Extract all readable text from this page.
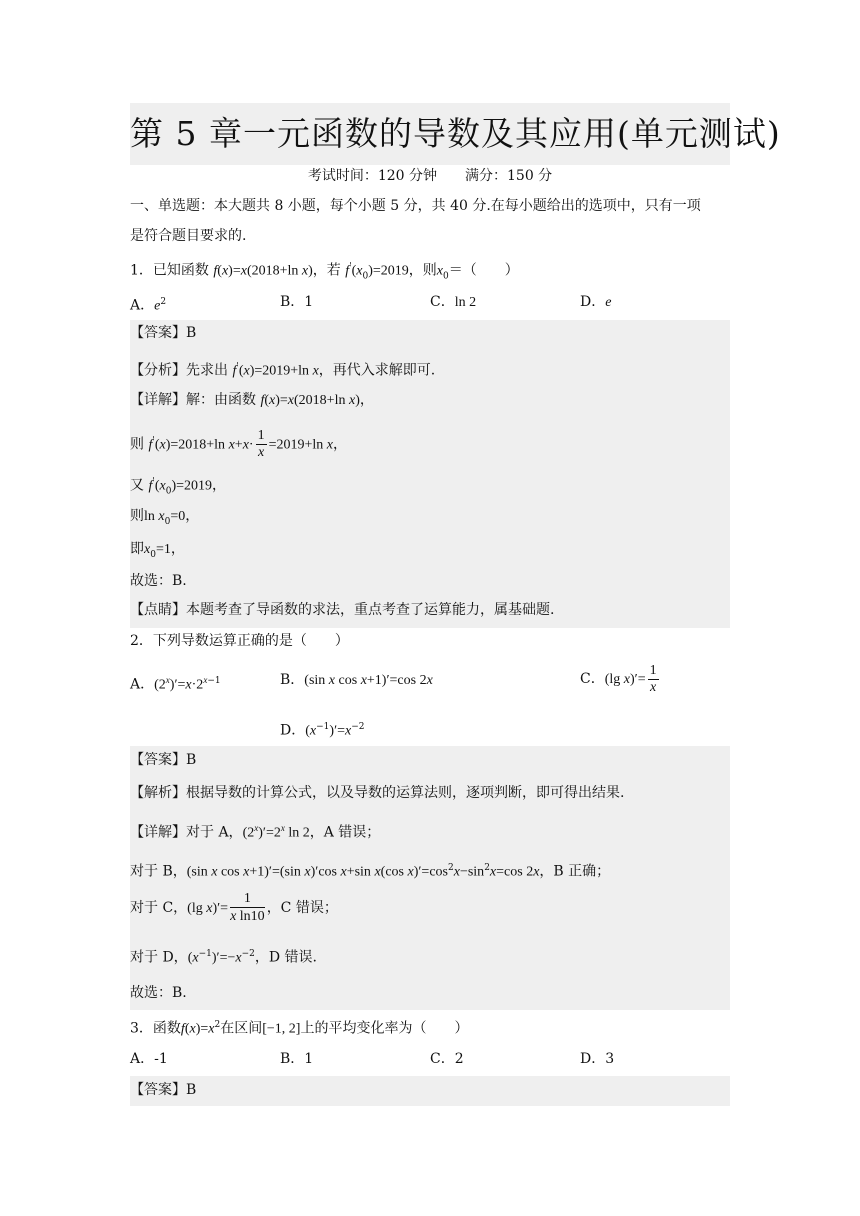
第 5 章一元函数的导数及其应用(单元测试)
考试时间：120 分钟　　满分：150 分
一、单选题：本大题共 8 小题，每个小题 5 分，共 40 分.在每小题给出的选项中，只有一项
是符合题目要求的.
1．已知函数 f(x)=x(2018+ln x)，若 $f'(x_0)=2019$，则$x_0=$（　　）
A．$e^2$	B．1	C．ln 2	D．e
【答案】B
【分析】先求出 f'(x)=2019+ln x，再代入求解即可.
【详解】解：由函数 f(x)=x(2018+ln x)，
则 f'(x)=2018+ln $x+x\cdot \frac{1}{x} =2019+\ln$ x，
又 $f'(x_0)=2019$，
则$\ln x_0=0$，
即$x_0=1$，
故选：B.
【点睛】本题考查了导函数的求法，重点考查了运算能力，属基础题.
2．下列导数运算正确的是（　　）
A．$(2^x)'=x\cdot 2^{x-1}$	B．(sin x cos x+1)′=cos 2x	C．(lg $x)'= \frac{1}{x}$
D．$(x^{-1})'=x^{-2}$
【答案】B
【解析】根据导数的计算公式，以及导数的运算法则，逐项判断，即可得出结果.
【详解】对于 A，$(2^x)'=2^x$ ln 2，A 错误；
对于 B，(sin x cos x+1)′=(sin x)′cos x+sin x(cos $x)'=\cos^2x-\sin^2x=\cos$ 2x，B 正确；
对于 C，(lg $x)'= \frac{1}{\text{x ln10}}$ ，C 错误；
对于 D，$(x^{-1})'=-x^{-2}$，D 错误.
故选：B.
3．函数$f(x)=x^2$在区间[−1, 2]上的平均变化率为（　　）
A．-1	B．1	C．2	D．3
【答案】B
